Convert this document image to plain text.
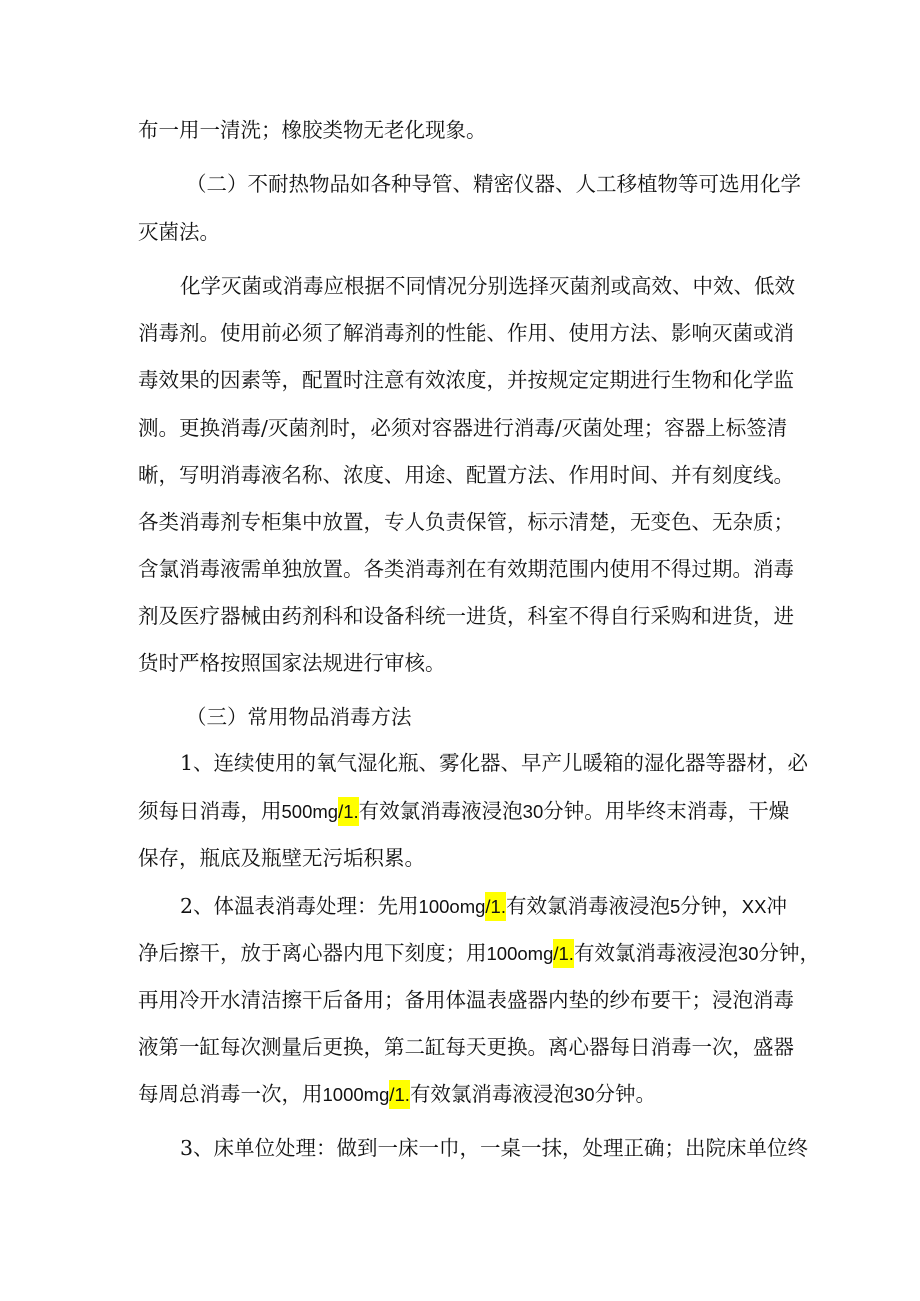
布一用一清洗；橡胶类物无老化现象。
（二）不耐热物品如各种导管、精密仪器、人工移植物等可选用化学
灭菌法。
化学灭菌或消毒应根据不同情况分别选择灭菌剂或高效、中效、低效
消毒剂。使用前必须了解消毒剂的性能、作用、使用方法、影响灭菌或消
毒效果的因素等，配置时注意有效浓度，并按规定定期进行生物和化学监
测。更换消毒/灭菌剂时，必须对容器进行消毒/灭菌处理；容器上标签清
晰，写明消毒液名称、浓度、用途、配置方法、作用时间、并有刻度线。
各类消毒剂专柜集中放置，专人负责保管，标示清楚，无变色、无杂质；
含氯消毒液需单独放置。各类消毒剂在有效期范围内使用不得过期。消毒
剂及医疗器械由药剂科和设备科统一进货，科室不得自行采购和进货，进
货时严格按照国家法规进行审核。
（三）常用物品消毒方法
1、连续使用的氧气湿化瓶、雾化器、早产儿暖箱的湿化器等器材，必
须每日消毒，用500mg/1.有效氯消毒液浸泡30分钟。用毕终末消毒，干燥
保存，瓶底及瓶壁无污垢积累。
2、体温表消毒处理：先用100omg/1.有效氯消毒液浸泡5分钟，XX冲
净后擦干，放于离心器内甩下刻度；用100omg/1.有效氯消毒液浸泡30分钟，
再用冷开水清洁擦干后备用；备用体温表盛器内垫的纱布要干；浸泡消毒
液第一缸每次测量后更换，第二缸每天更换。离心器每日消毒一次，盛器
每周总消毒一次，用1000mg/1.有效氯消毒液浸泡30分钟。
3、床单位处理：做到一床一巾，一桌一抹，处理正确；出院床单位终
